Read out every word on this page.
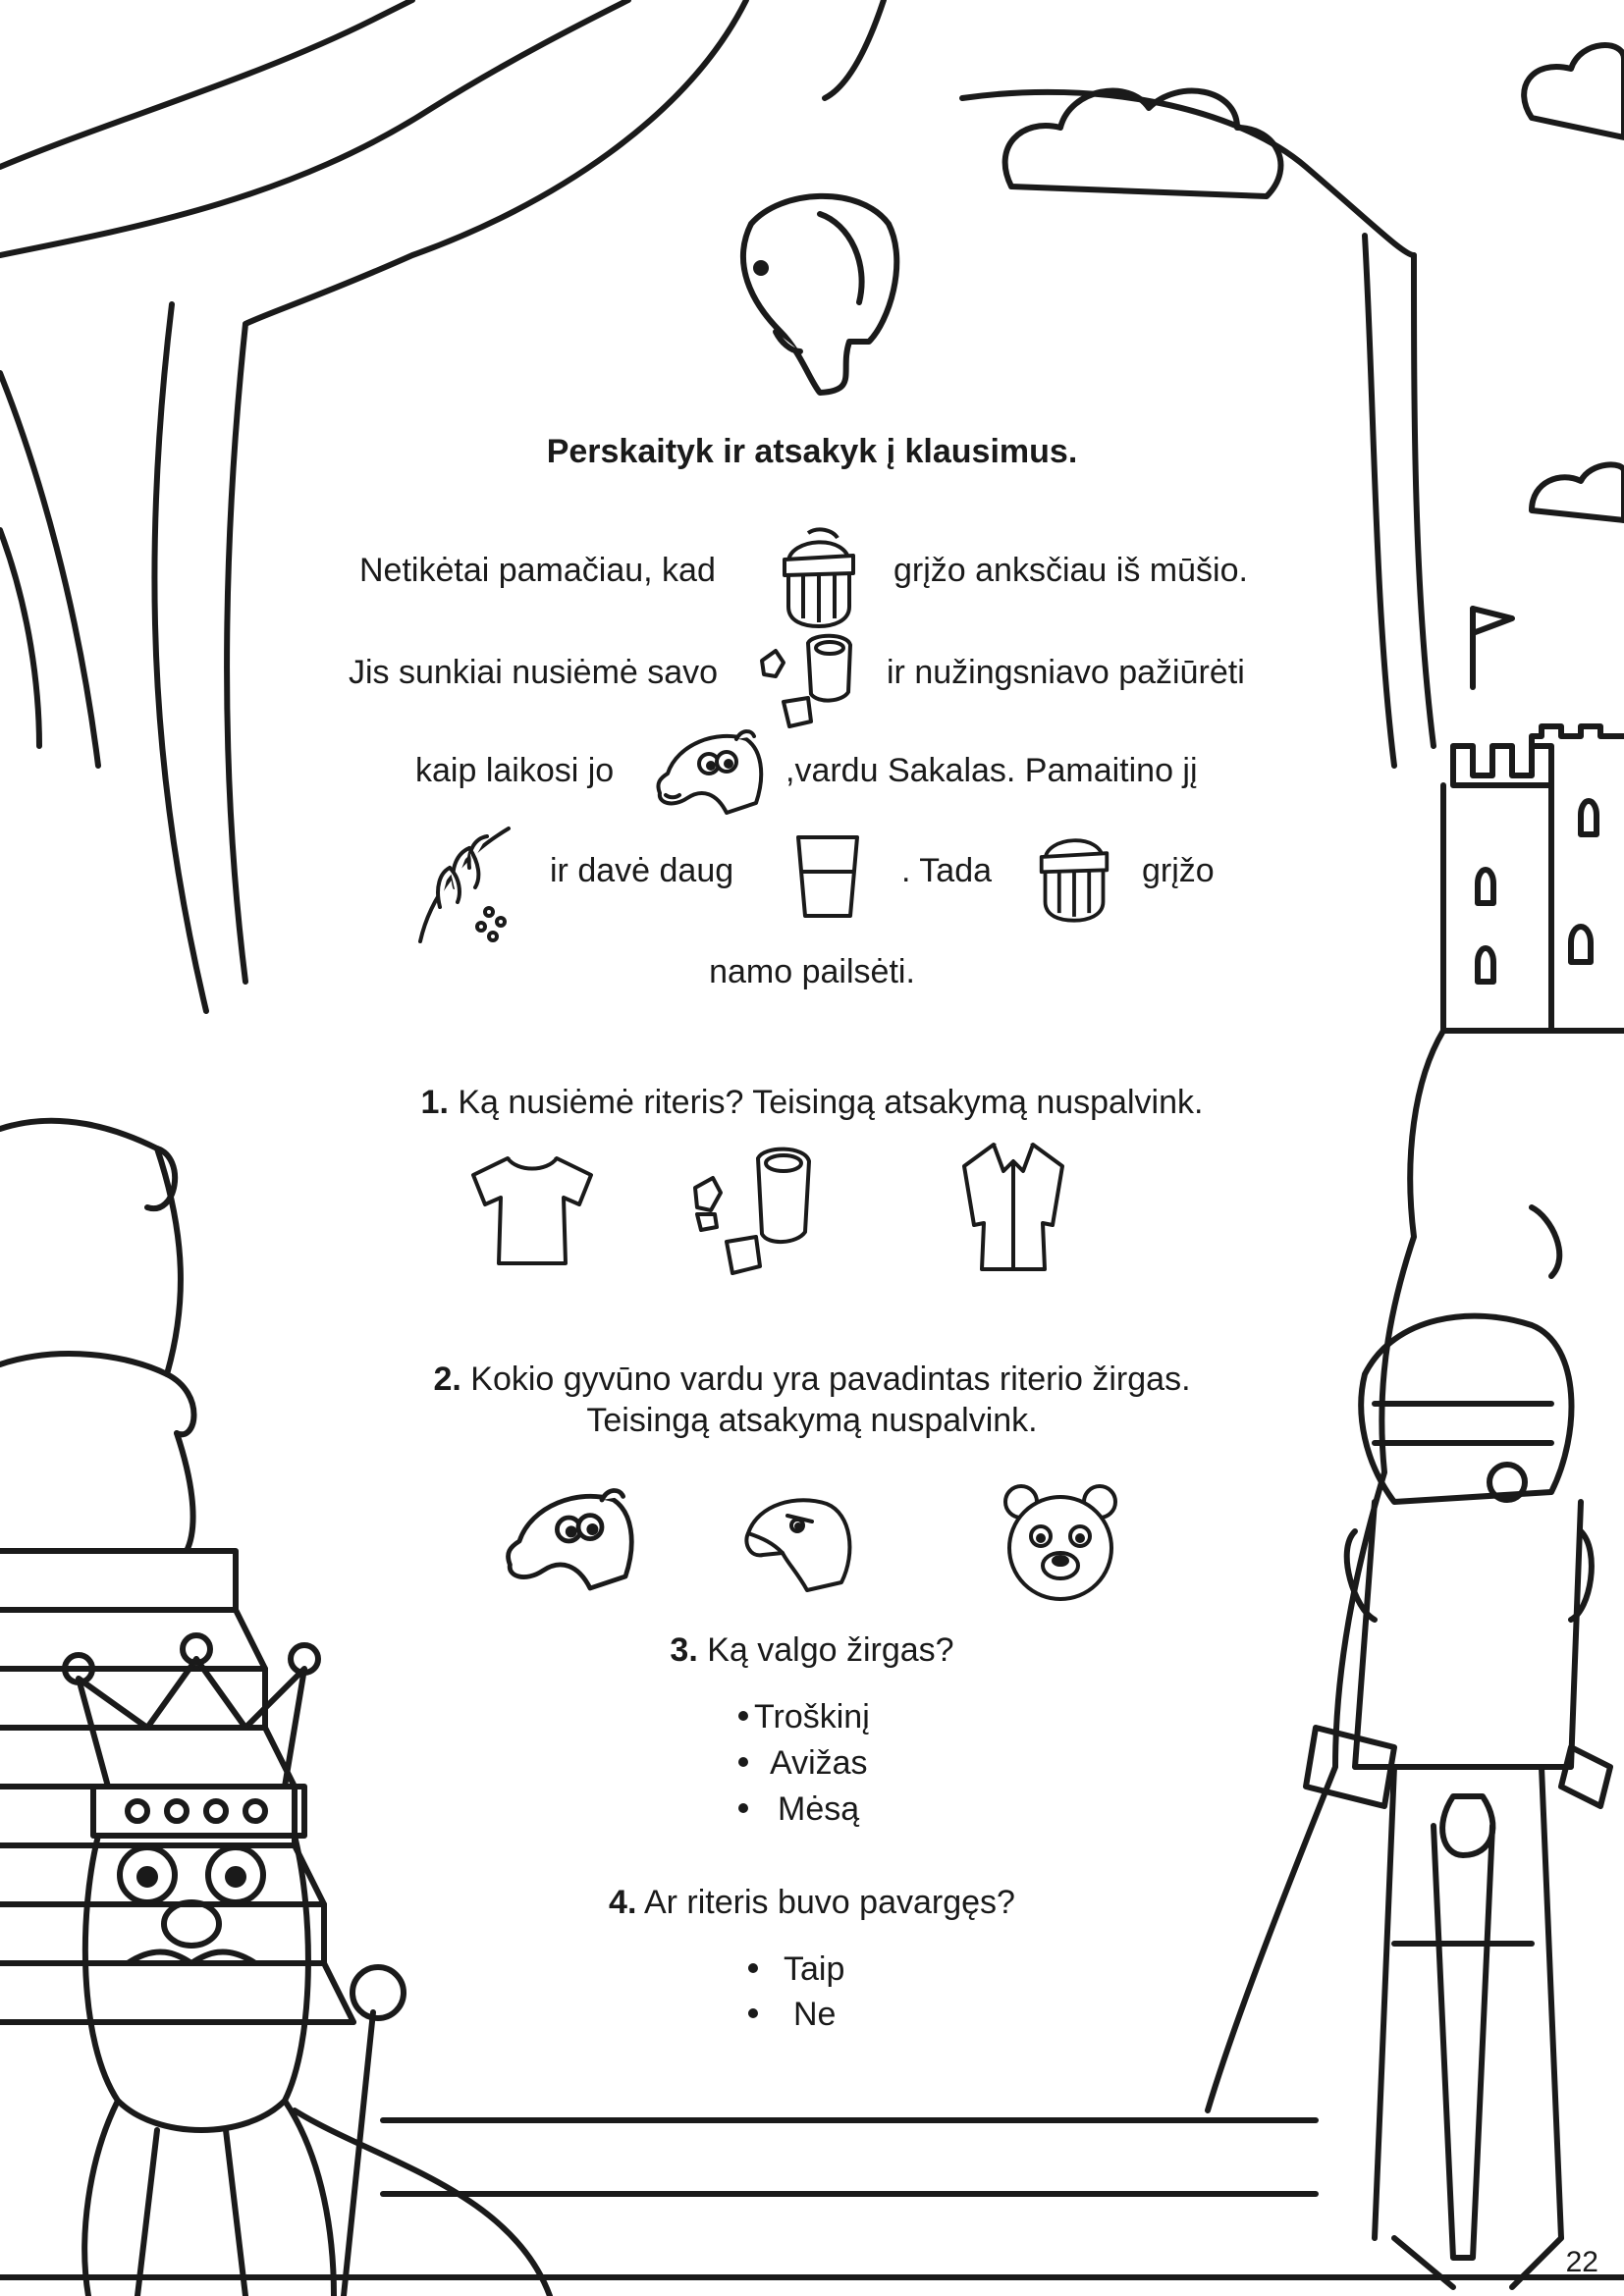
Perskaityk ir atsakyk į klausimus.
Netikėtai pamačiau, kad	grįžo anksčiau iš mūšio.
Jis sunkiai nusiėmė savo	ir nužingsniavo pažiūrėti
kaip laikosi jo	,vardu Sakalas. Pamaitino jį
ir davė daug	. Tada	grįžo
namo pailsėti.
1. Ką nusiėmė riteris? Teisingą atsakymą nuspalvink.
2. Kokio gyvūno vardu yra pavadintas riterio žirgas.
Teisingą atsakymą nuspalvink.
3. Ką valgo žirgas?
Troškinį
Avižas
Mėsą
4. Ar riteris buvo pavargęs?
Taip
Ne
22
